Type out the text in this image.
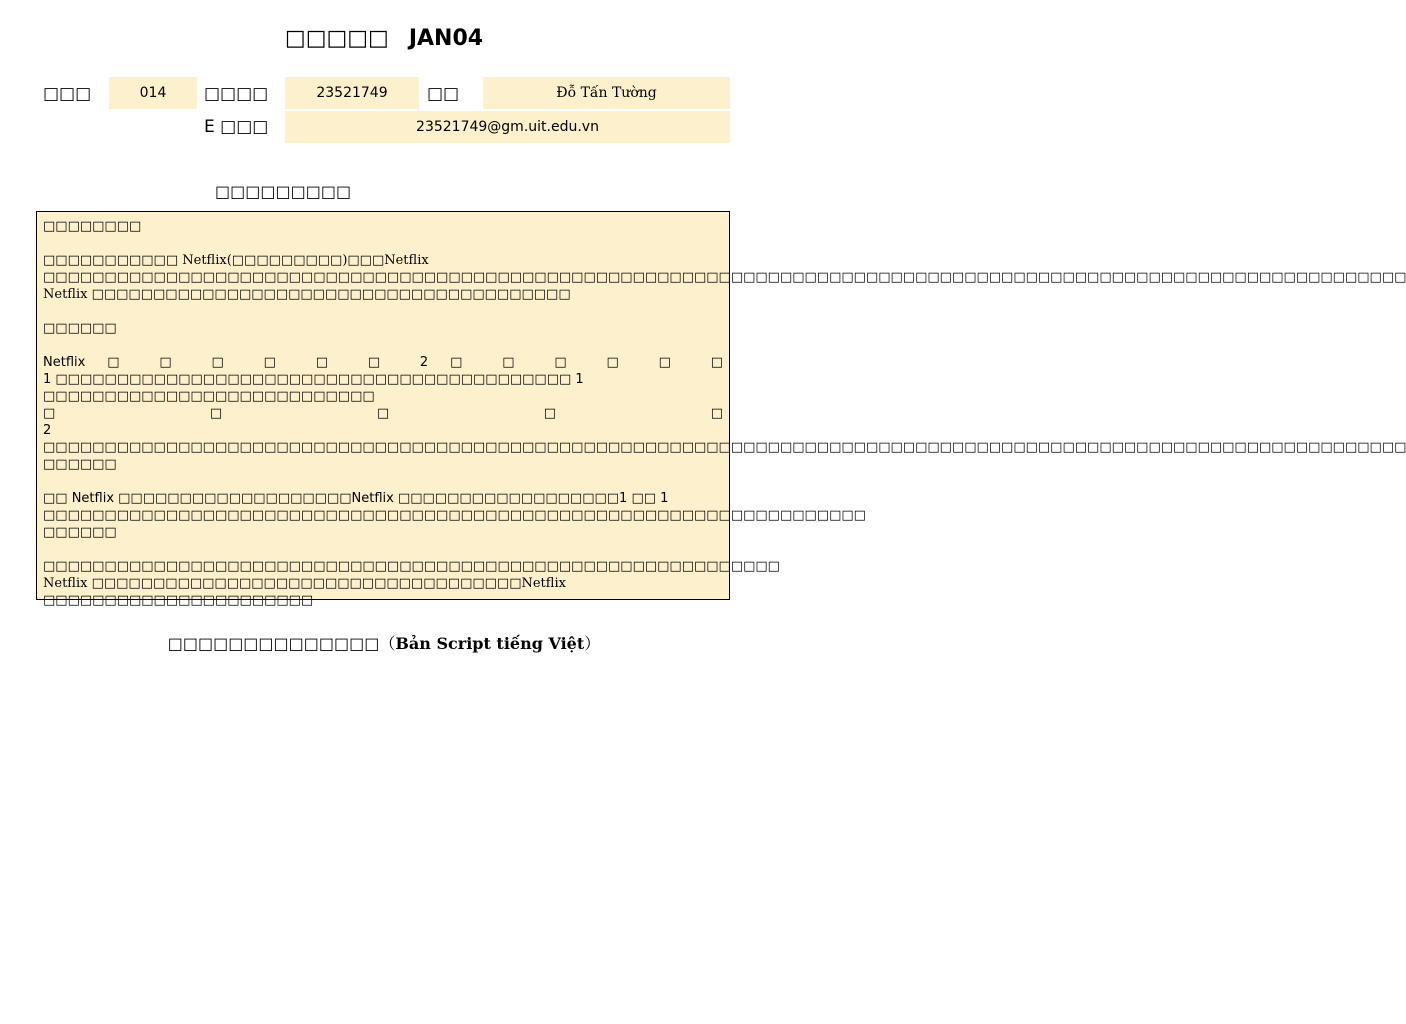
□□□□□ JAN04
□□□	014	□□□□	23521749	□□	Đỗ Tấn Tường
E □□□	23521749@gm.uit.edu.vn
□□□□□□□□□

□□□□□□□□

□□□□□□□□□□□ Netflix(□□□□□□□□□)□□□Netflix □□□□□□□□□□□□□□□□□□□□□□□□□□□□□□□□□□□□□□□□□□□□□□□□□□□□□□□□□□□□□□□□□□□□□□□□□□□□□□□□□□□□□□□□□□□□□□□□□□□□□□□□□□□□□□□ Netflix □□□□□□□□□□□□□□□□□□□□□□□□□□□□□□□□□□□□□□□

□□□□□□

Netflix □ □ □ □ □ □ 2 □ □ □ □ □ □

1 □□□□□□□□□□□□□□□□□□□□□□□□□□□□□□□□□□□□□□□□□□ 1 □□□□□□□□□□□□□□□□□□□□□□□□□□□

□ □ □ □ □

2 □□□□□□□□□□□□□□□□□□□□□□□□□□□□□□□□□□□□□□□□□□□□□□□□□□□□□□□□□□□□□□□□□□□□□□□□□□□□□□□□□□□□□□□□□□□□□□□□□□□□□□□□□□□□□□□

□□□□□□

□□ Netflix □□□□□□□□□□□□□□□□□□□Netflix □□□□□□□□□□□□□□□□□□1 □□ 1 □□□□□□□□□□□□□□□□□□□□□□□□□□□□□□□□□□□□□□□□□□□□□□□□□□□□□□□□□□□□□□□□□□□

□□□□□□

□□□□□□□□□□□□□□□□□□□□□□□□□□□□□□□□□□□□□□□□□□□□□□□□□□□□□□□□□□□□ Netflix □□□□□□□□□□□□□□□□□□□□□□□□□□□□□□□□□□□Netflix □□□□□□□□□□□□□□□□□□□□□□

□□□□□□□□□□□□□□（Bản Script tiếng Việt）
